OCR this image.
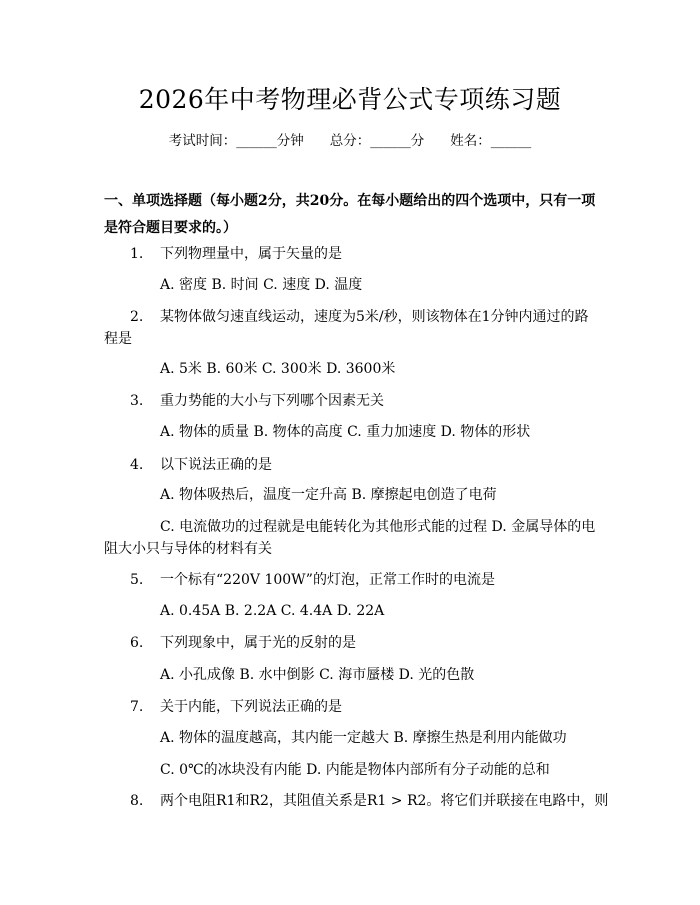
2026年中考物理必背公式专项练习题
考试时间：______分钟 总分：______分 姓名：______
一、单项选择题（每小题2分，共20分。在每小题给出的四个选项中，只有一项
是符合题目要求的。）
1. 下列物理量中，属于矢量的是
A. 密度 B. 时间 C. 速度 D. 温度
2. 某物体做匀速直线运动，速度为5米/秒，则该物体在1分钟内通过的路
程是
A. 5米 B. 60米 C. 300米 D. 3600米
3. 重力势能的大小与下列哪个因素无关
A. 物体的质量 B. 物体的高度 C. 重力加速度 D. 物体的形状
4. 以下说法正确的是
A. 物体吸热后，温度一定升高 B. 摩擦起电创造了电荷
C. 电流做功的过程就是电能转化为其他形式能的过程 D. 金属导体的电
阻大小只与导体的材料有关
5. 一个标有“220V 100W”的灯泡，正常工作时的电流是
A. 0.45A B. 2.2A C. 4.4A D. 22A
6. 下列现象中，属于光的反射的是
A. 小孔成像 B. 水中倒影 C. 海市蜃楼 D. 光的色散
7. 关于内能，下列说法正确的是
A. 物体的温度越高，其内能一定越大 B. 摩擦生热是利用内能做功
C. 0℃的冰块没有内能 D. 内能是物体内部所有分子动能的总和
8. 两个电阻R1和R2，其阻值关系是R1 > R2。将它们并联接在电路中，则
